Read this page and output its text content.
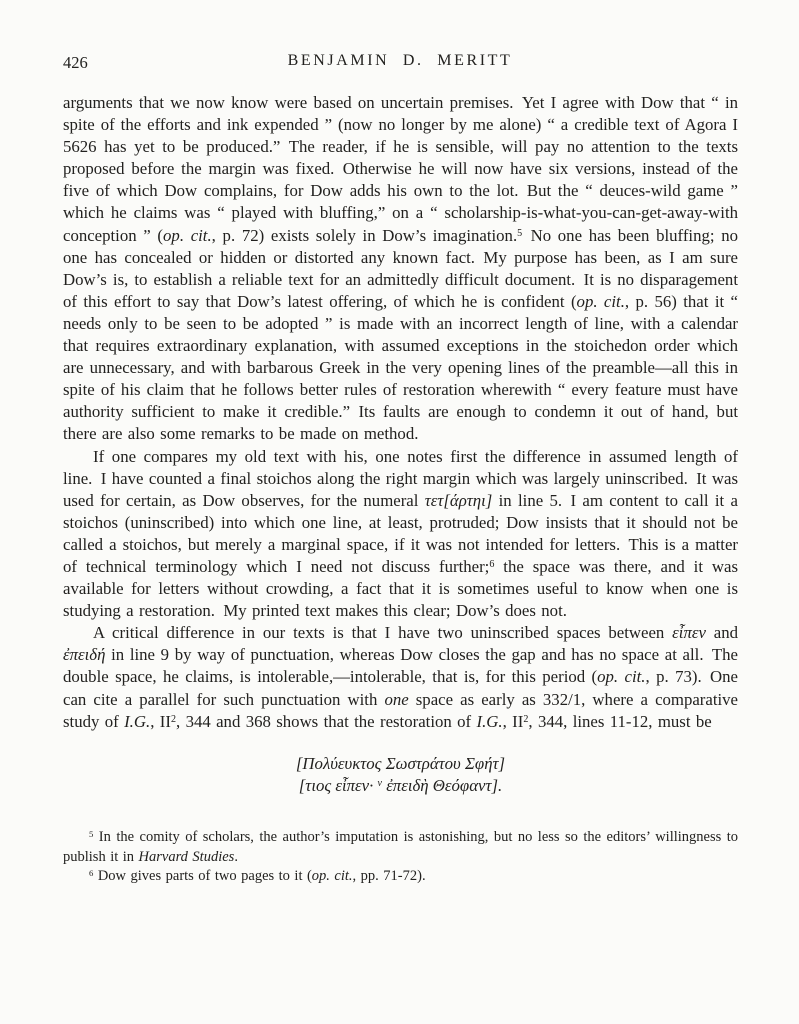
426	BENJAMIN D. MERITT

arguments that we now know were based on uncertain premises. Yet I agree with Dow that “ in spite of the efforts and ink expended ” (now no longer by me alone) “ a credible text of Agora I 5626 has yet to be produced.” The reader, if he is sensible, will pay no attention to the texts proposed before the margin was fixed. Otherwise he will now have six versions, instead of the five of which Dow complains, for Dow adds his own to the lot. But the “ deuces-wild game ” which he claims was “ played with bluffing,” on a “ scholarship-is-what-you-can-get-away-with conception ” (op. cit., p. 72) exists solely in Dow’s imagination.$^5$ No one has been bluffing; no one has concealed or hidden or distorted any known fact. My purpose has been, as I am sure Dow’s is, to establish a reliable text for an admittedly difficult document. It is no disparagement of this effort to say that Dow’s latest offering, of which he is confident (op. cit., p. 56) that it “ needs only to be seen to be adopted ” is made with an incorrect length of line, with a calendar that requires extraordinary explanation, with assumed exceptions in the stoichedon order which are unnecessary, and with barbarous Greek in the very opening lines of the preamble—all this in spite of his claim that he follows better rules of restoration wherewith “ every feature must have authority sufficient to make it credible.” Its faults are enough to condemn it out of hand, but there are also some remarks to be made on method.

If one compares my old text with his, one notes first the difference in assumed length of line. I have counted a final stoichos along the right margin which was largely uninscribed. It was used for certain, as Dow observes, for the numeral τετ[άρτηι] in line 5. I am content to call it a stoichos (uninscribed) into which one line, at least, protruded; Dow insists that it should not be called a stoichos, but merely a marginal space, if it was not intended for letters. This is a matter of technical terminology which I need not discuss further;$^6$ the space was there, and it was available for letters without crowding, a fact that it is sometimes useful to know when one is studying a restoration. My printed text makes this clear; Dow’s does not.

A critical difference in our texts is that I have two uninscribed spaces between εἶπεν and ἐπειδή in line 9 by way of punctuation, whereas Dow closes the gap and has no space at all. The double space, he claims, is intolerable,—intolerable, that is, for this period (op. cit., p. 73). One can cite a parallel for such punctuation with one space as early as 332/1, where a comparative study of I.G., $II^2$, 344 and 368 shows that the restoration of I.G., $II^2$, 344, lines 11-12, must be

[Πολύευκτος Σωστράτου Σφήτ]
[τιος εἶπεν· $^v$ ἐπειδὴ Θεόφαντ].

$^5$ In the comity of scholars, the author’s imputation is astonishing, but no less so the editors’ willingness to publish it in Harvard Studies.

$^6$ Dow gives parts of two pages to it (op. cit., pp. 71-72).
